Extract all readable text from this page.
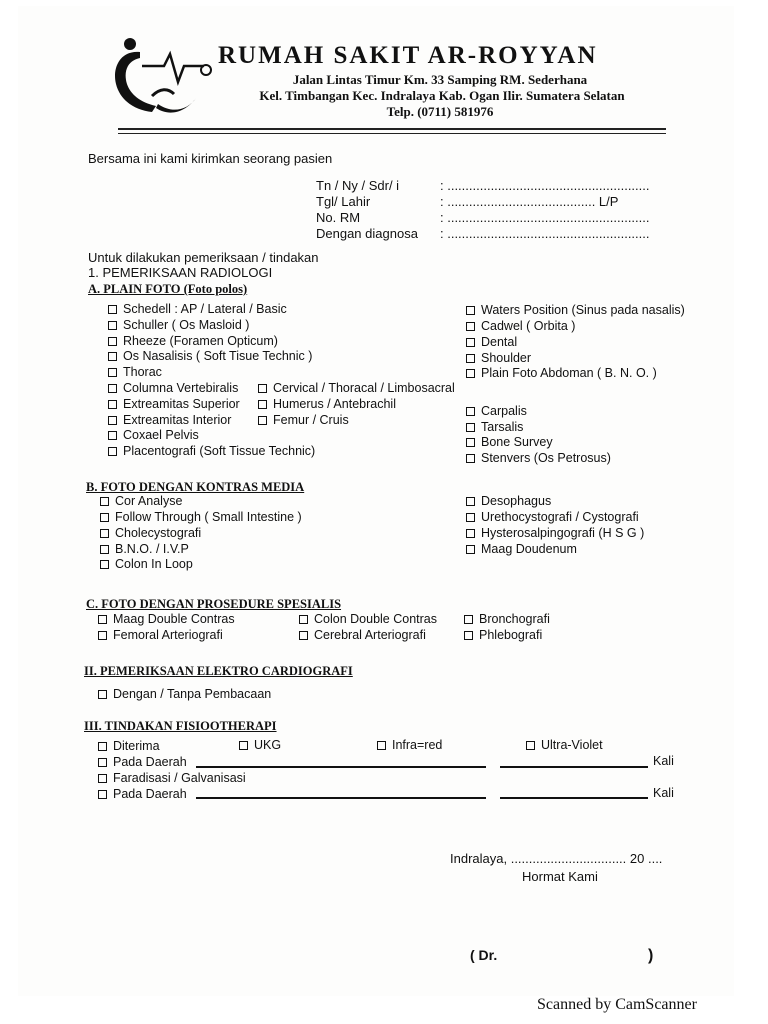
RUMAH SAKIT AR-ROYYAN
Jalan Lintas Timur Km. 33 Samping RM. Sederhana
Kel. Timbangan Kec. Indralaya Kab. Ogan Ilir. Sumatera Selatan
Telp. (0711) 581976
Bersama ini kami kirimkan seorang pasien
Tn / Ny / Sdr/ i	: ........................................................
Tgl/ Lahir	: ......................................... L/P
No. RM	: ........................................................
Dengan diagnosa : ........................................................
Untuk dilakukan pemeriksaan / tindakan
1. PEMERIKSAAN RADIOLOGI
A. PLAIN FOTO (Foto polos)
Schedell : AP / Lateral / Basic
Schuller ( Os Masloid )
Rheeze (Foramen Opticum)
Os Nasalisis ( Soft Tisue Technic )
Thorac
Columna Vertebiralis
Extreamitas Superior
Extreamitas Interior
Coxael Pelvis
Placentografi (Soft Tissue Technic)
Cervical / Thoracal / Limbosacral
Humerus / Antebrachil
Femur / Cruis
Waters Position (Sinus pada nasalis)
Cadwel ( Orbita )
Dental
Shoulder
Plain Foto Abdoman ( B. N. O. )
Carpalis
Tarsalis
Bone Survey
Stenvers (Os Petrosus)
B. FOTO DENGAN KONTRAS MEDIA
Cor Analyse
Follow Through ( Small Intestine )
Cholecystografi
B.N.O. / I.V.P
Colon In Loop
Desophagus
Urethocystografi / Cystografi
Hysterosalpingografi (H S G )
Maag Doudenum
C. FOTO DENGAN PROSEDURE SPESIALIS
Maag Double Contras
Femoral Arteriografi
Colon Double Contras
Cerebral Arteriografi
Bronchografi
Phlebografi
II. PEMERIKSAAN ELEKTRO CARDIOGRAFI
Dengan / Tanpa Pembacaan
III. TINDAKAN FISIOOTHERAPI
Diterima	UKG	Infra=red	Ultra-Violet
Pada Daerah	Kali
Faradisasi / Galvanisasi
Pada Daerah	Kali
Indralaya, ................................ 20 ....
Hormat Kami
( Dr.	)
Scanned by CamScanner
